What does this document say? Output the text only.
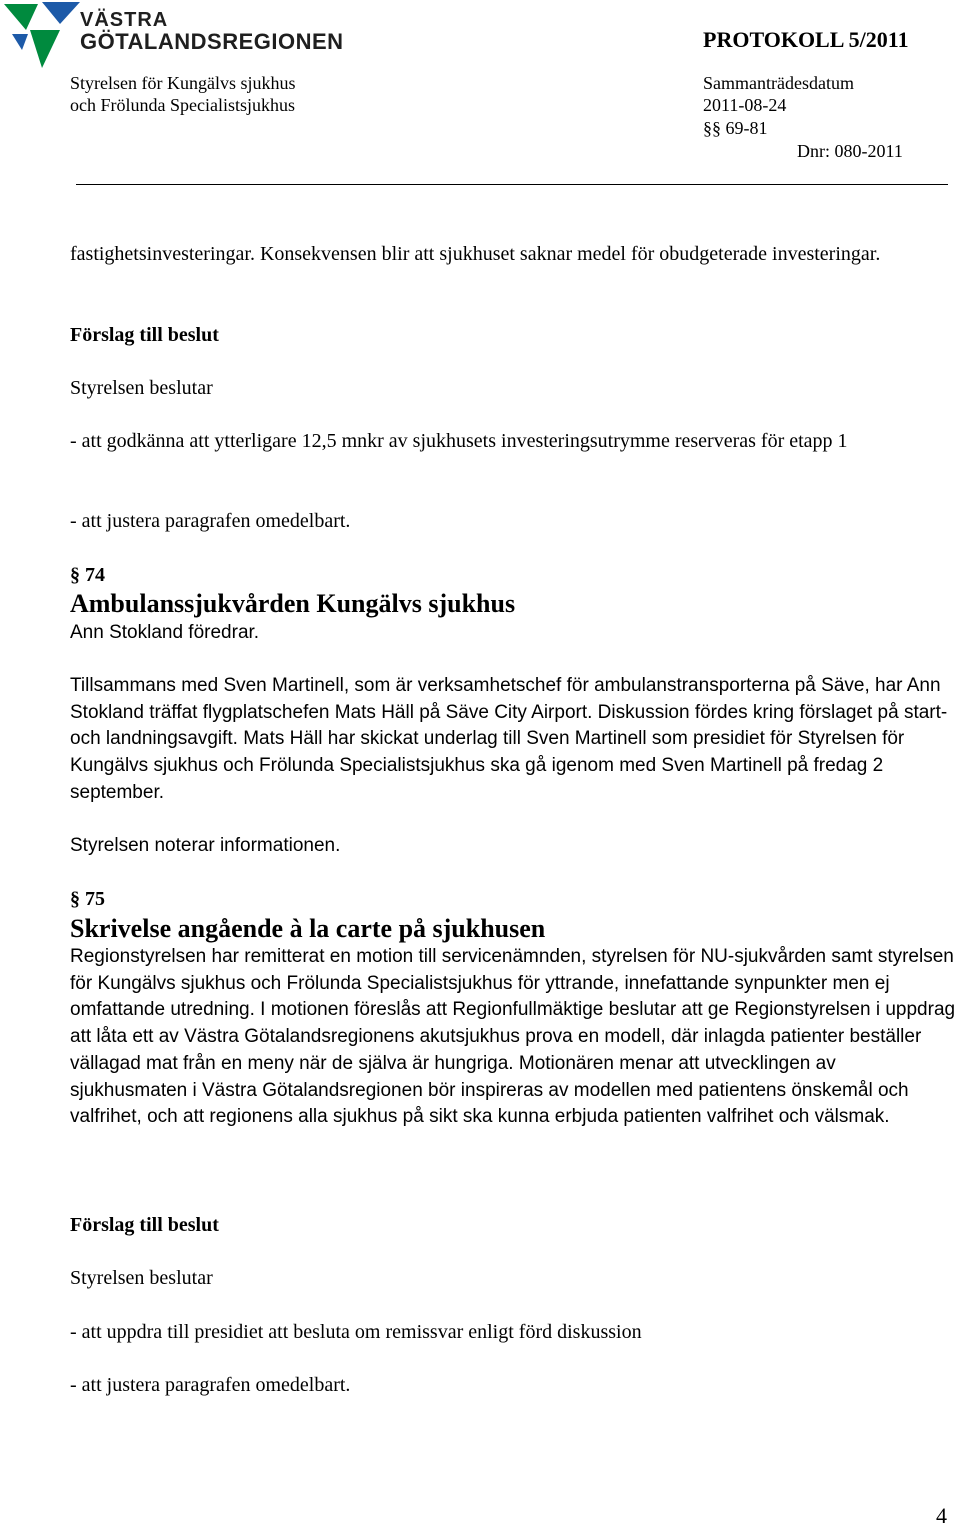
VÄSTRA
GÖTALANDSREGIONEN
Styrelsen för Kungälvs sjukhus
och Frölunda Specialistsjukhus
PROTOKOLL 5/2011
Sammanträdesdatum
2011-08-24
§§ 69-81
Dnr: 080-2011

fastighetsinvesteringar. Konsekvensen blir att sjukhuset saknar medel för obudgeterade investeringar.

Förslag till beslut

Styrelsen beslutar

- att godkänna att ytterligare 12,5 mnkr av sjukhusets investeringsutrymme reserveras för etapp 1

- att justera paragrafen omedelbart.

§ 74

Ambulanssjukvården Kungälvs sjukhus

Ann Stokland föredrar.

Tillsammans med Sven Martinell, som är verksamhetschef för ambulanstransporterna på Säve, har Ann Stokland träffat flygplatschefen Mats Häll på Säve City Airport. Diskussion fördes kring förslaget på start- och landningsavgift. Mats Häll har skickat underlag till Sven Martinell som presidiet för Styrelsen för Kungälvs sjukhus och Frölunda Specialistsjukhus ska gå igenom med Sven Martinell på fredag 2 september.

Styrelsen noterar informationen.

§ 75

Skrivelse angående à la carte på sjukhusen

Regionstyrelsen har remitterat en motion till servicenämnden, styrelsen för NU-sjukvården samt styrelsen för Kungälvs sjukhus och Frölunda Specialistsjukhus för yttrande, innefattande synpunkter men ej omfattande utredning. I motionen föreslås att Regionfullmäktige beslutar att ge Regionstyrelsen i uppdrag att låta ett av Västra Götalandsregionens akutsjukhus prova en modell, där inlagda patienter beställer vällagad mat från en meny när de själva är hungriga. Motionären menar att utvecklingen av sjukhusmaten i Västra Götalandsregionen bör inspireras av modellen med patientens önskemål och valfrihet, och att regionens alla sjukhus på sikt ska kunna erbjuda patienten valfrihet och välsmak.

Förslag till beslut

Styrelsen beslutar

- att uppdra till presidiet att besluta om remissvar enligt förd diskussion

- att justera paragrafen omedelbart.

4
